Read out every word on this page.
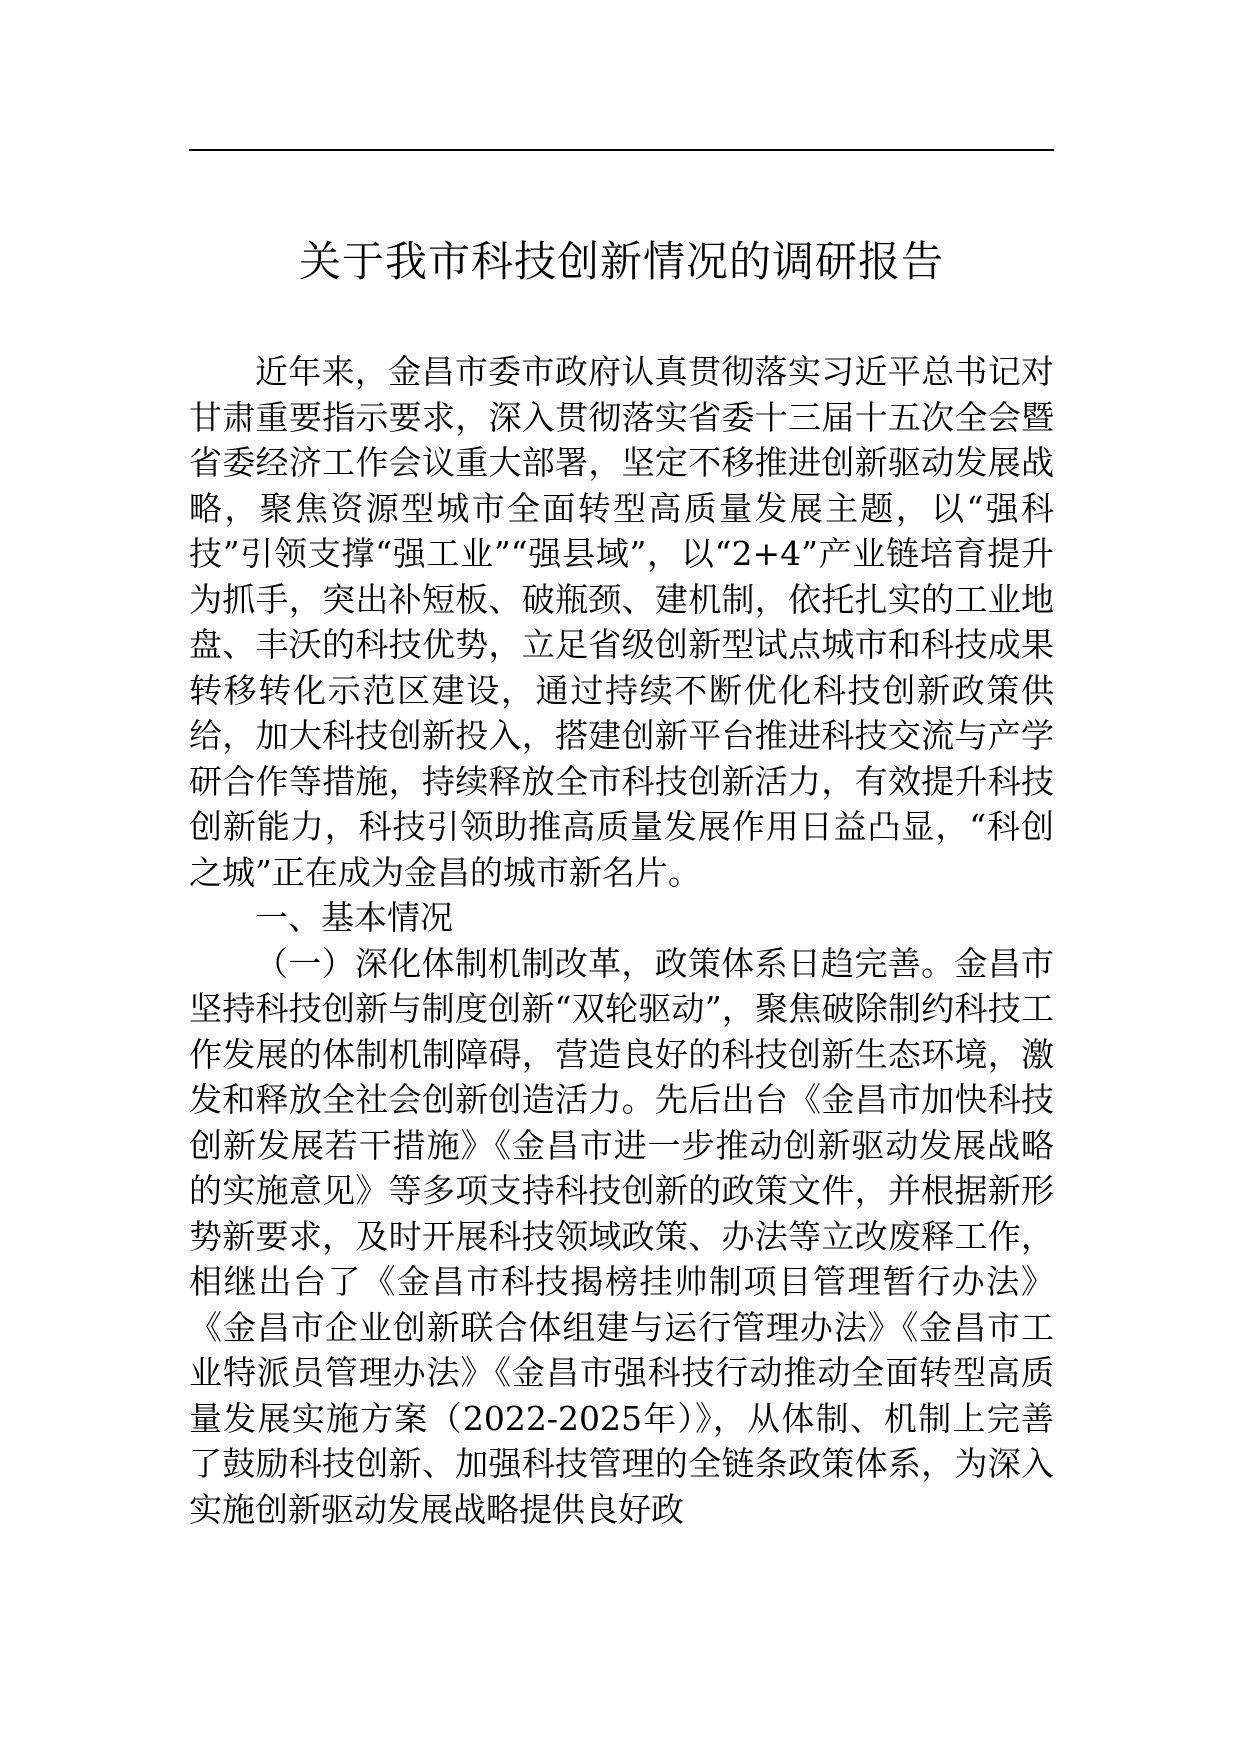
关于我市科技创新情况的调研报告

近年来，金昌市委市政府认真贯彻落实习近平总书记对甘肃重要指示要求，深入贯彻落实省委十三届十五次全会暨省委经济工作会议重大部署，坚定不移推进创新驱动发展战略，聚焦资源型城市全面转型高质量发展主题，以“强科技”引领支撑“强工业”“强县域”，以“2+4”产业链培育提升为抓手，突出补短板、破瓶颈、建机制，依托扎实的工业地盘、丰沃的科技优势，立足省级创新型试点城市和科技成果转移转化示范区建设，通过持续不断优化科技创新政策供给，加大科技创新投入，搭建创新平台推进科技交流与产学研合作等措施，持续释放全市科技创新活力，有效提升科技创新能力，科技引领助推高质量发展作用日益凸显，“科创之城”正在成为金昌的城市新名片。

一、基本情况

（一）深化体制机制改革，政策体系日趋完善。金昌市坚持科技创新与制度创新“双轮驱动”，聚焦破除制约科技工作发展的体制机制障碍，营造良好的科技创新生态环境，激发和释放全社会创新创造活力。先后出台《金昌市加快科技创新发展若干措施》《金昌市进一步推动创新驱动发展战略的实施意见》等多项支持科技创新的政策文件，并根据新形势新要求，及时开展科技领域政策、办法等立改废释工作，相继出台了《金昌市科技揭榜挂帅制项目管理暂行办法》《金昌市企业创新联合体组建与运行管理办法》《金昌市工业特派员管理办法》《金昌市强科技行动推动全面转型高质量发展实施方案（2022-2025年）》，从体制、机制上完善了鼓励科技创新、加强科技管理的全链条政策体系，为深入实施创新驱动发展战略提供良好政
